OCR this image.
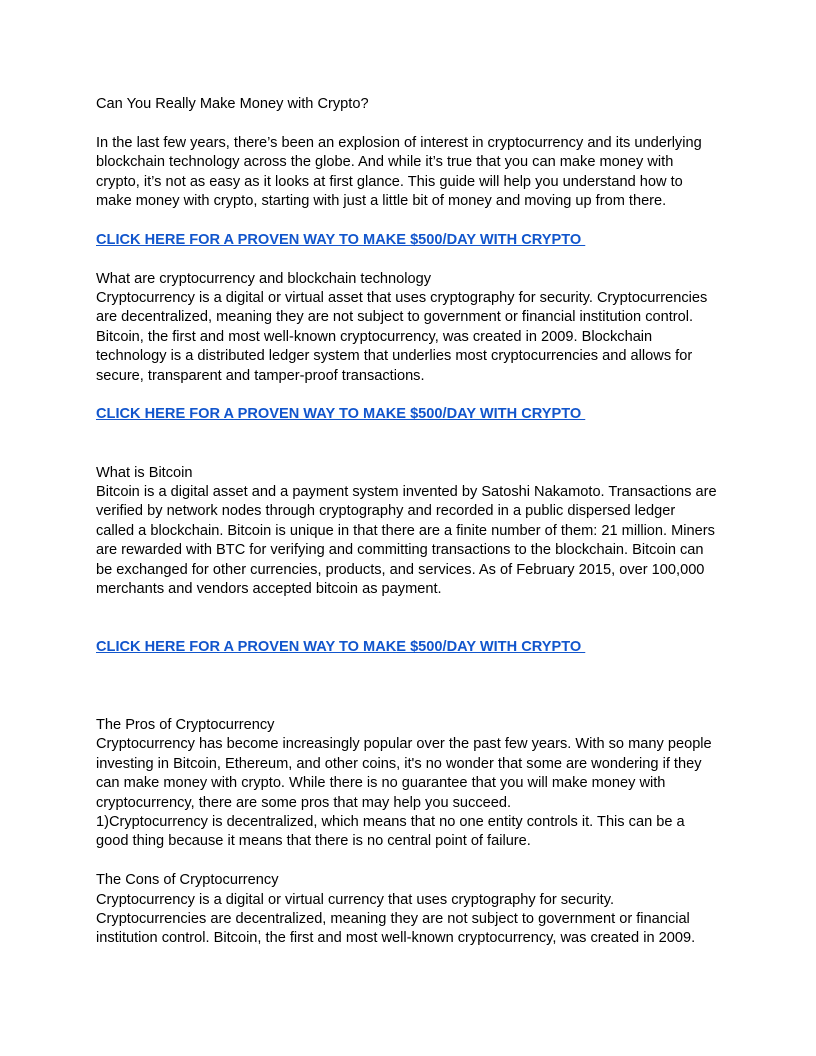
Can You Really Make Money with Crypto?

In the last few years, there’s been an explosion of interest in cryptocurrency and its underlying
blockchain technology across the globe. And while it’s true that you can make money with
crypto, it’s not as easy as it looks at first glance. This guide will help you understand how to
make money with crypto, starting with just a little bit of money and moving up from there.
CLICK HERE FOR A PROVEN WAY TO MAKE $500/DAY WITH CRYPTO
What are cryptocurrency and blockchain technology
Cryptocurrency is a digital or virtual asset that uses cryptography for security. Cryptocurrencies
are decentralized, meaning they are not subject to government or financial institution control.
Bitcoin, the first and most well-known cryptocurrency, was created in 2009. Blockchain
technology is a distributed ledger system that underlies most cryptocurrencies and allows for
secure, transparent and tamper-proof transactions.
CLICK HERE FOR A PROVEN WAY TO MAKE $500/DAY WITH CRYPTO
What is Bitcoin
Bitcoin is a digital asset and a payment system invented by Satoshi Nakamoto. Transactions are
verified by network nodes through cryptography and recorded in a public dispersed ledger
called a blockchain. Bitcoin is unique in that there are a finite number of them: 21 million. Miners
are rewarded with BTC for verifying and committing transactions to the blockchain. Bitcoin can
be exchanged for other currencies, products, and services. As of February 2015, over 100,000
merchants and vendors accepted bitcoin as payment.
CLICK HERE FOR A PROVEN WAY TO MAKE $500/DAY WITH CRYPTO
The Pros of Cryptocurrency
Cryptocurrency has become increasingly popular over the past few years. With so many people
investing in Bitcoin, Ethereum, and other coins, it's no wonder that some are wondering if they
can make money with crypto. While there is no guarantee that you will make money with
cryptocurrency, there are some pros that may help you succeed.
1)Cryptocurrency is decentralized, which means that no one entity controls it. This can be a
good thing because it means that there is no central point of failure.
The Cons of Cryptocurrency
Cryptocurrency is a digital or virtual currency that uses cryptography for security.
Cryptocurrencies are decentralized, meaning they are not subject to government or financial
institution control. Bitcoin, the first and most well-known cryptocurrency, was created in 2009.
